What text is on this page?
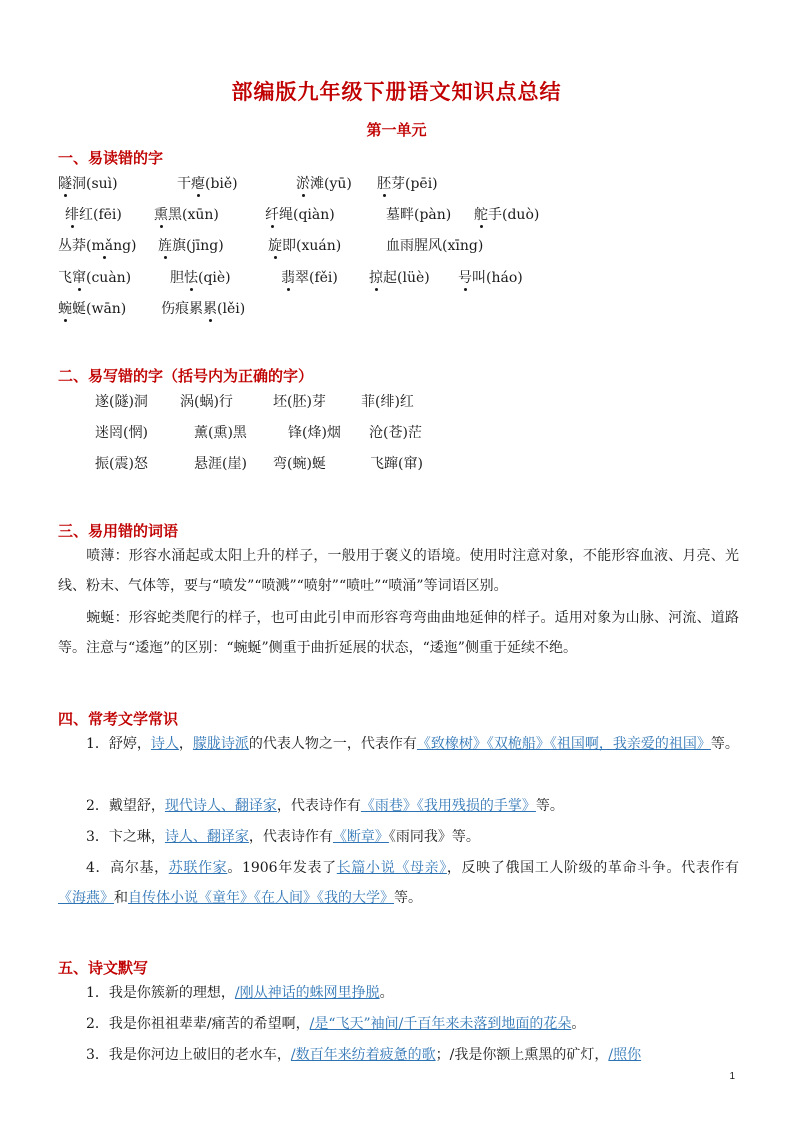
部编版九年级下册语文知识点总结
第一单元
一、易读错的字
隧洞(suì)	干瘪(biě)	淤滩(yū) 胚芽(pēi)
绯红(fēi) 熏黑(xūn)	纤绳(qiàn)	墓畔(pàn) 舵手(duò)
丛莽(mǎng) 旌旗(jīng)	旋即(xuán)	血雨腥风(xīng)
飞窜(cuàn)	胆怯(qiè)	翡翠(fěi) 掠起(lüè) 号叫(háo)
蜿蜒(wān) 伤痕累累(lěi)
二、易写错的字（括号内为正确的字）
遂(隧)洞 涡(蜗)行	坯(胚)芽	菲(绯)红
迷罔(惘)	薰(熏)黑	锋(烽)烟 沧(苍)茫
振(震)怒	悬涯(崖) 弯(蜿)蜒	飞蹿(窜)
三、易用错的词语
喷薄：形容水涌起或太阳上升的样子，一般用于褒义的语境。使用时注意对象，不能形容血液、月亮、光线、粉末、气体等，要与“喷发”“喷溅”“喷射”“喷吐”“喷涌”等词语区别。
蜿蜒：形容蛇类爬行的样子，也可由此引申而形容弯弯曲曲地延伸的样子。适用对象为山脉、河流、道路等。注意与“逶迤”的区别：“蜿蜒”侧重于曲折延展的状态，“逶迤”侧重于延续不绝。
四、常考文学常识
1．舒婷，诗人，朦胧诗派的代表人物之一，代表作有《致橡树》《双桅船》《祖国啊，我亲爱的祖国》等。
2．戴望舒，现代诗人、翻译家，代表诗作有《雨巷》《我用残损的手掌》等。
3．卞之琳，诗人、翻译家，代表诗作有《断章》《雨同我》等。
4．高尔基，苏联作家。1906年发表了长篇小说《母亲》，反映了俄国工人阶级的革命斗争。代表作有《海燕》和自传体小说《童年》《在人间》《我的大学》等。
五、诗文默写
1．我是你簇新的理想，/刚从神话的蛛网里挣脱。
2．我是你祖祖辈辈/痛苦的希望啊，/是“飞天”袖间/千百年来未落到地面的花朵。
3．我是你河边上破旧的老水车，/数百年来纺着疲惫的歌；/我是你额上熏黑的矿灯，/照你
1
